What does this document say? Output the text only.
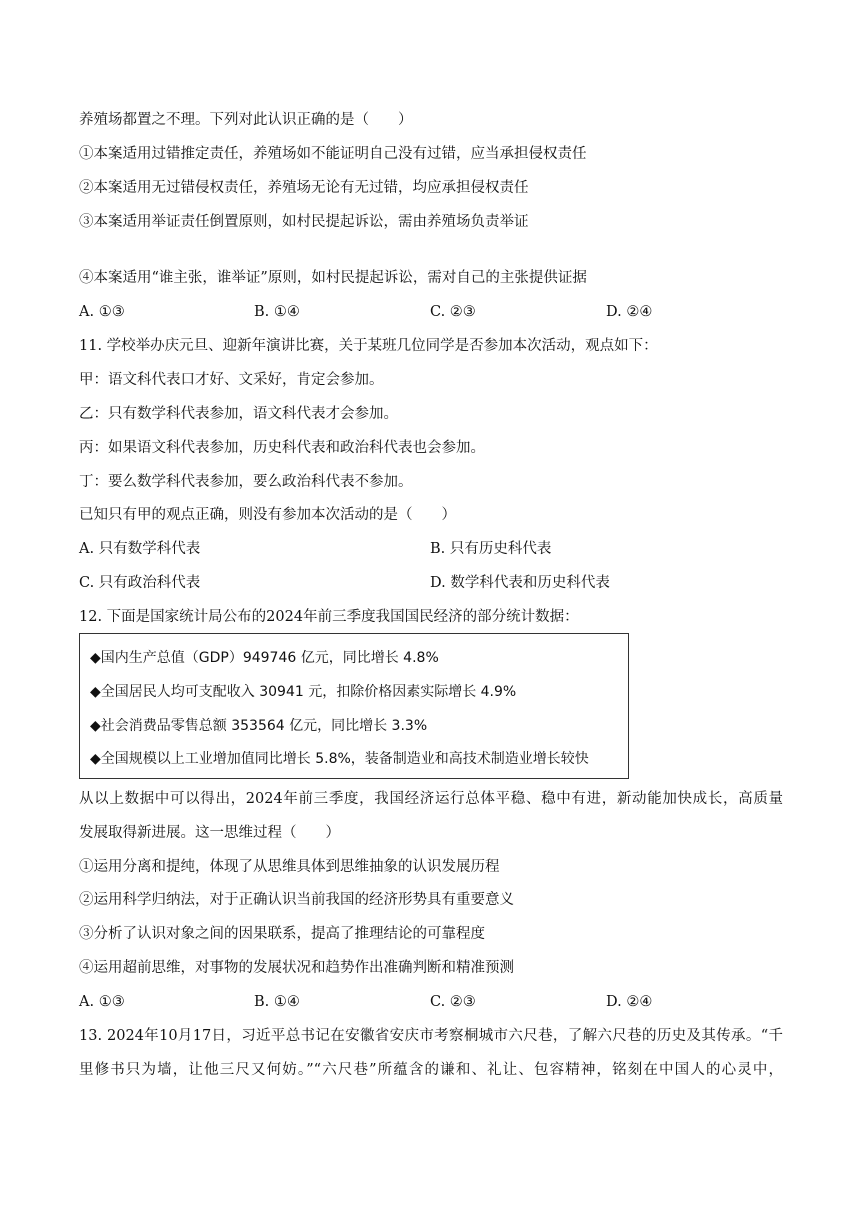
养殖场都置之不理。下列对此认识正确的是（　　）
①本案适用过错推定责任，养殖场如不能证明自己没有过错，应当承担侵权责任
②本案适用无过错侵权责任，养殖场无论有无过错，均应承担侵权责任
③本案适用举证责任倒置原则，如村民提起诉讼，需由养殖场负责举证
④本案适用“谁主张，谁举证”原则，如村民提起诉讼，需对自己的主张提供证据
A. ①③	B. ①④	C. ②③	D. ②④
11. 学校举办庆元旦、迎新年演讲比赛，关于某班几位同学是否参加本次活动，观点如下：
甲：语文科代表口才好、文采好，肯定会参加。
乙：只有数学科代表参加，语文科代表才会参加。
丙：如果语文科代表参加，历史科代表和政治科代表也会参加。
丁：要么数学科代表参加，要么政治科代表不参加。
已知只有甲的观点正确，则没有参加本次活动的是（　　）
A. 只有数学科代表	B. 只有历史科代表
C. 只有政治科代表	D. 数学科代表和历史科代表
12. 下面是国家统计局公布的2024年前三季度我国国民经济的部分统计数据：
◆国内生产总值（GDP）949746 亿元，同比增长 4.8%
◆全国居民人均可支配收入 30941 元，扣除价格因素实际增长 4.9%
◆社会消费品零售总额 353564 亿元，同比增长 3.3%
◆全国规模以上工业增加值同比增长 5.8%，装备制造业和高技术制造业增长较快
从以上数据中可以得出，2024年前三季度，我国经济运行总体平稳、稳中有进，新动能加快成长，高质量
发展取得新进展。这一思维过程（　　）
①运用分离和提纯，体现了从思维具体到思维抽象的认识发展历程
②运用科学归纳法，对于正确认识当前我国的经济形势具有重要意义
③分析了认识对象之间的因果联系，提高了推理结论的可靠程度
④运用超前思维，对事物的发展状况和趋势作出准确判断和精准预测
A. ①③	B. ①④	C. ②③	D. ②④
13. 2024年10月17日，习近平总书记在安徽省安庆市考察桐城市六尺巷，了解六尺巷的历史及其传承。“千
里修书只为墙，让他三尺又何妨。”“六尺巷”所蕴含的谦和、礼让、包容精神，铭刻在中国人的心灵中，
